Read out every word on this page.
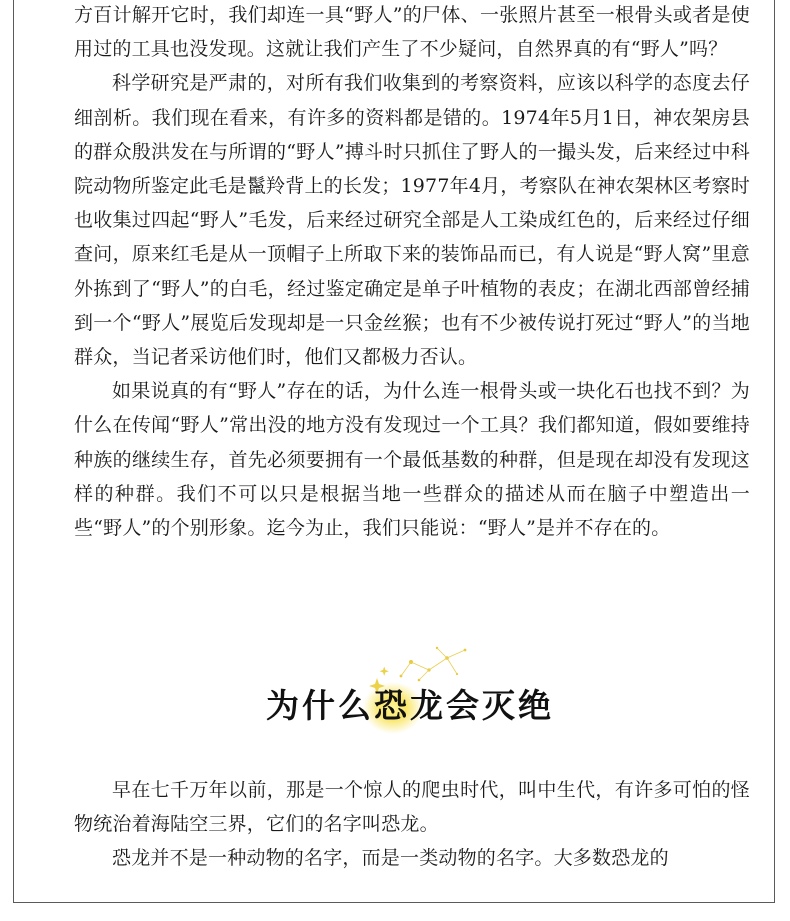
方百计解开它时，我们却连一具“野人”的尸体、一张照片甚至一根骨头或者是使用过的工具也没发现。这就让我们产生了不少疑问，自然界真的有“野人”吗？

科学研究是严肃的，对所有我们收集到的考察资料，应该以科学的态度去仔细剖析。我们现在看来，有许多的资料都是错的。1974年5月1日，神农架房县的群众殷洪发在与所谓的“野人”搏斗时只抓住了野人的一撮头发，后来经过中科院动物所鉴定此毛是鬣羚背上的长发；1977年4月，考察队在神农架林区考察时也收集过四起“野人”毛发，后来经过研究全部是人工染成红色的，后来经过仔细查问，原来红毛是从一顶帽子上所取下来的装饰品而已，有人说是“野人窝”里意外拣到了“野人”的白毛，经过鉴定确定是单子叶植物的表皮；在湖北西部曾经捕到一个“野人”展览后发现却是一只金丝猴；也有不少被传说打死过“野人”的当地群众，当记者采访他们时，他们又都极力否认。

如果说真的有“野人”存在的话，为什么连一根骨头或一块化石也找不到？为什么在传闻“野人”常出没的地方没有发现过一个工具？我们都知道，假如要维持种族的继续生存，首先必须要拥有一个最低基数的种群，但是现在却没有发现这样的种群。我们不可以只是根据当地一些群众的描述从而在脑子中塑造出一些“野人”的个别形象。迄今为止，我们只能说：“野人”是并不存在的。

为什么恐龙会灭绝

早在七千万年以前，那是一个惊人的爬虫时代，叫中生代，有许多可怕的怪物统治着海陆空三界，它们的名字叫恐龙。

恐龙并不是一种动物的名字，而是一类动物的名字。大多数恐龙的
